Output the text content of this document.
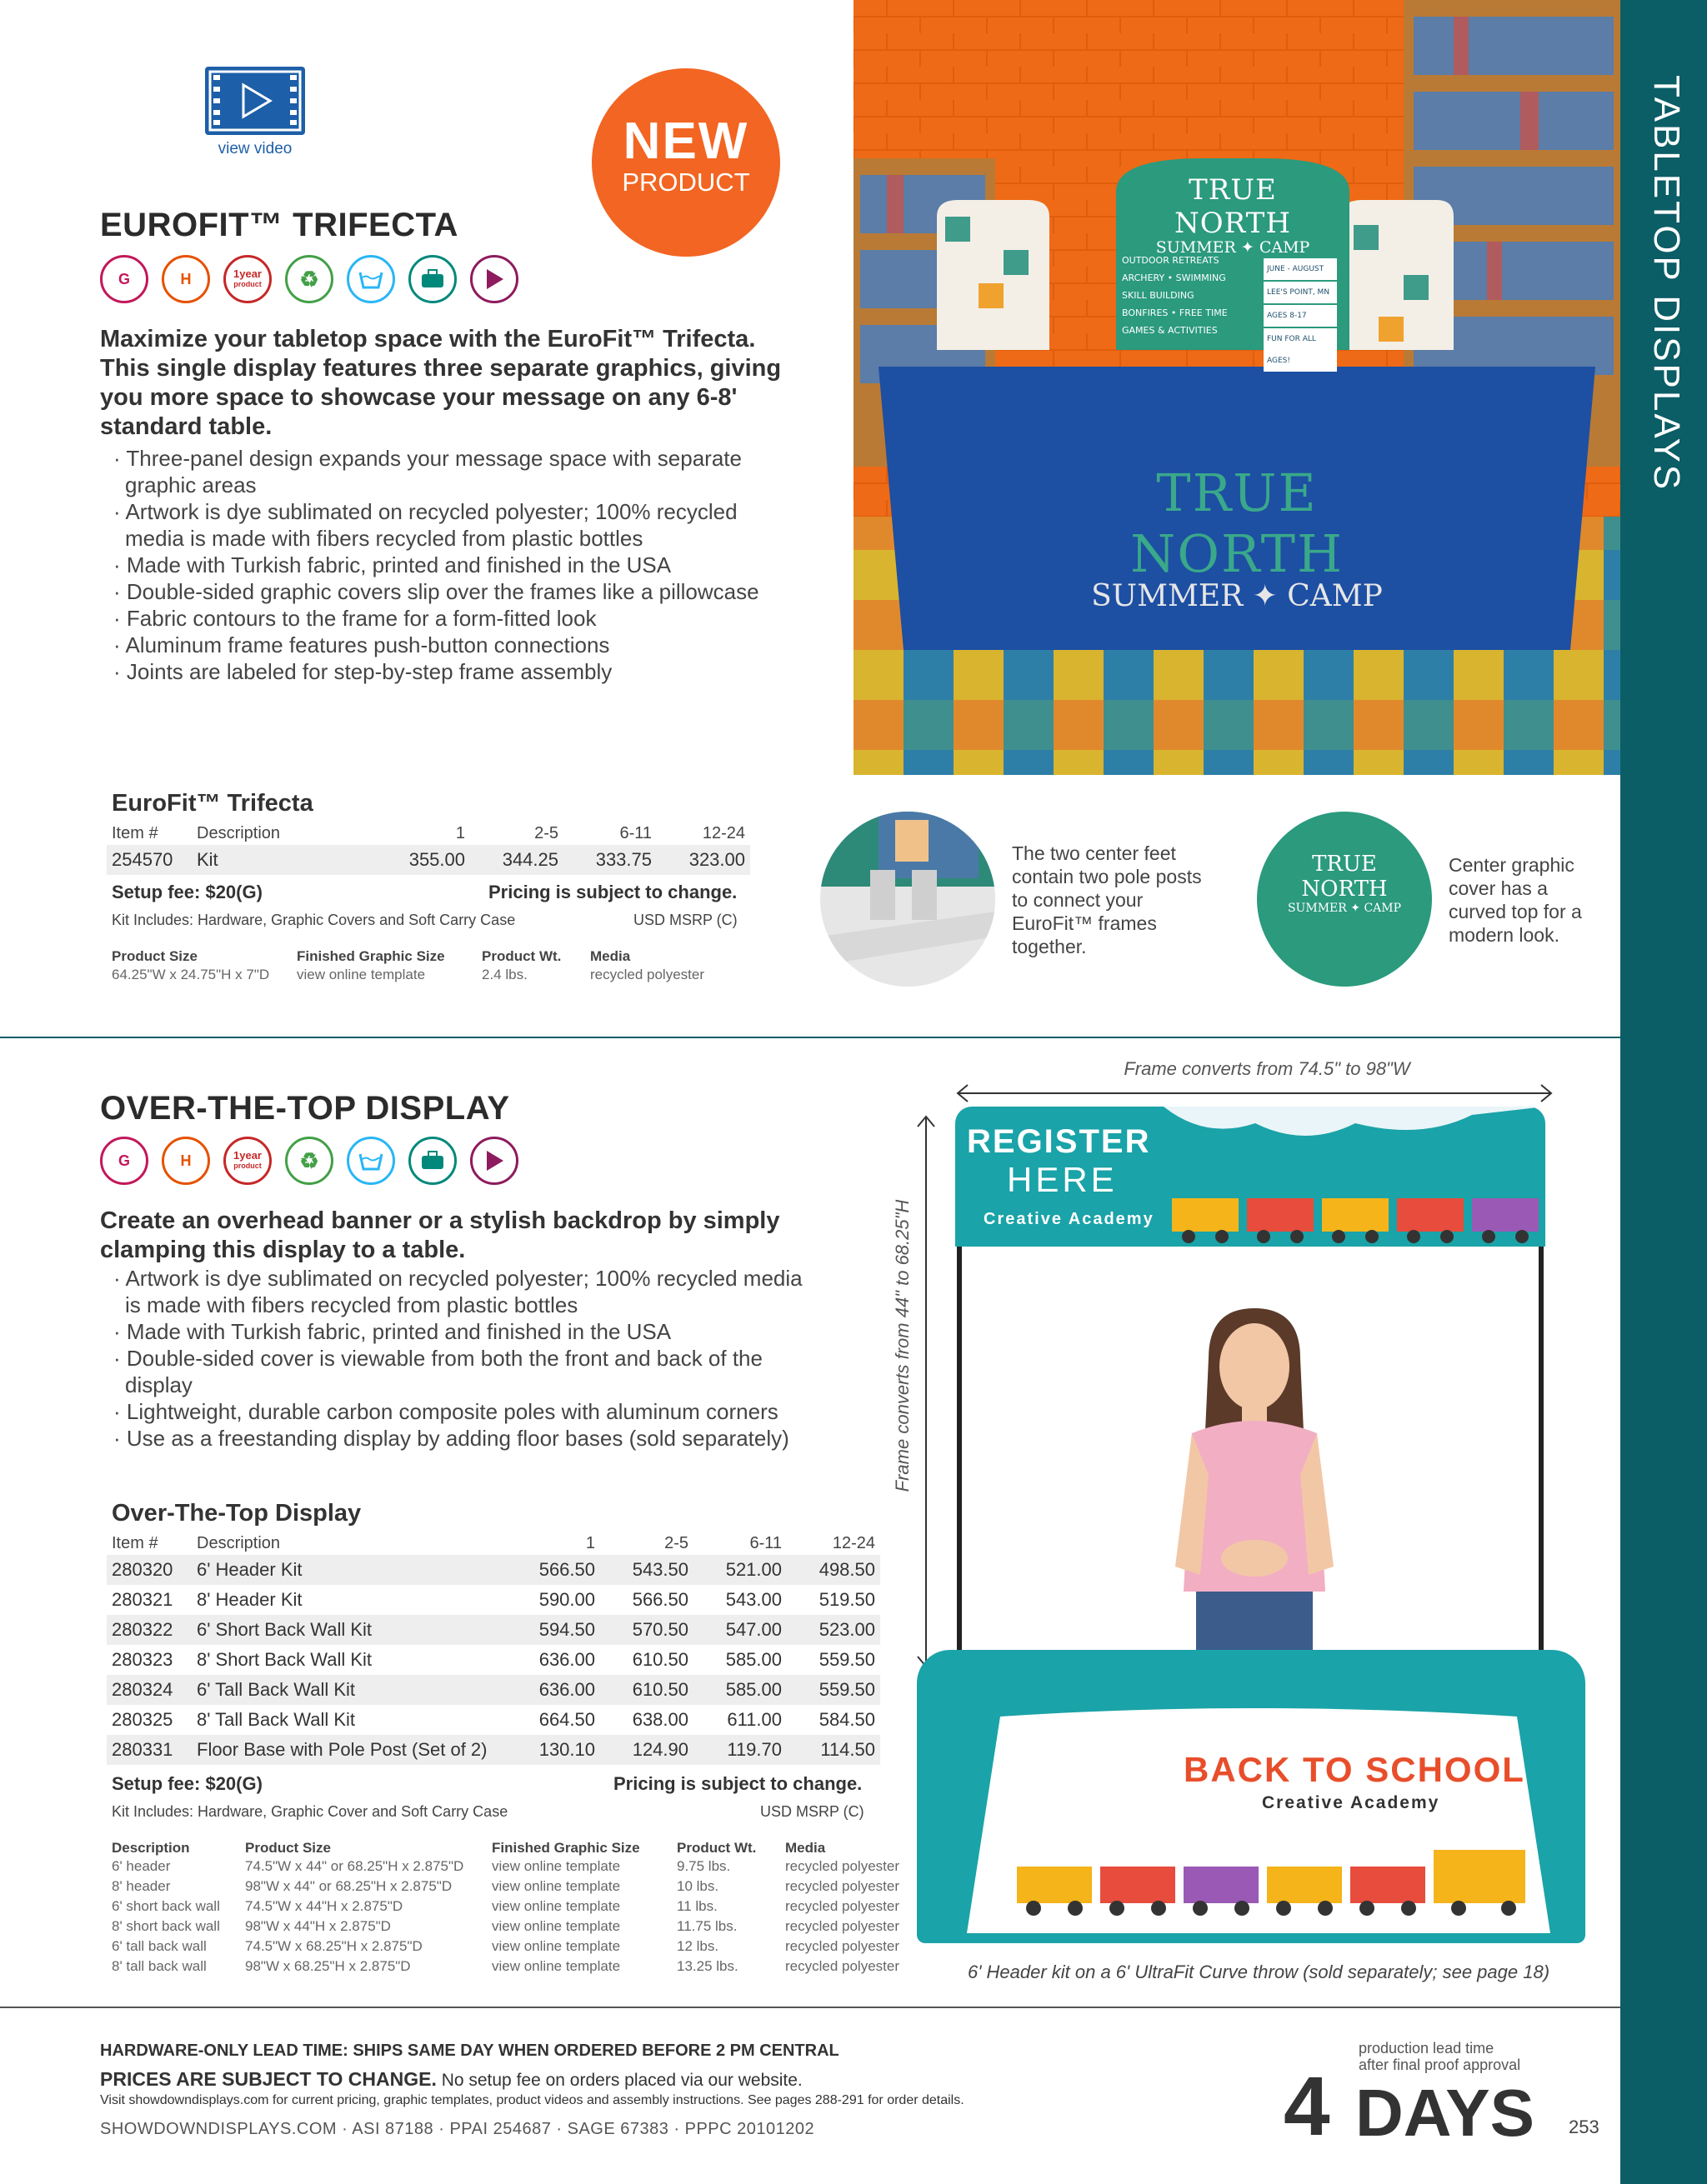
TABLETOP DISPLAYS
view video	NEW
PRODUCT
EUROFIT™ TRIFECTA
G	H	1year
product	♻
Maximize your tabletop space with the EuroFit™ Trifecta. This single display features three separate graphics, giving you more space to showcase your message on any 6-8' standard table.
· Three-panel design expands your message space with separate graphic areas
· Artwork is dye sublimated on recycled polyester; 100% recycled media is made with fibers recycled from plastic bottles
· Made with Turkish fabric, printed and finished in the USA
· Double-sided graphic covers slip over the frames like a pillowcase
· Fabric contours to the frame for a form-fitted look
· Aluminum frame features push-button connections
· Joints are labeled for step-by-step frame assembly
TRUE NORTH
SUMMER ✦ CAMP
OUTDOOR RETREATS
ARCHERY • SWIMMING
SKILL BUILDING
BONFIRES • FREE TIME
GAMES & ACTIVITIES
JUNE - AUGUST
LEE'S POINT, MN
AGES 8-17
FUN FOR ALL AGES!
TRUE NORTH
SUMMER ✦ CAMP
EuroFit™ Trifecta
Item #	Description	1	2-5	6-11	12-24
254570	Kit	355.00	344.25	333.75	323.00
Setup fee: $20(G)	Pricing is subject to change.
Kit Includes: Hardware, Graphic Covers and Soft Carry Case	USD MSRP (C)
Product Size	Finished Graphic Size	Product Wt.	Media
64.25"W x 24.75"H x 7"D	view online template	2.4 lbs.	recycled polyester
The two center feet contain two pole posts to connect your EuroFit™ frames together.
TRUE NORTH
SUMMER ✦ CAMP
Center graphic cover has a curved top for a modern look.
OVER-THE-TOP DISPLAY
G	H	1year
product	♻
Create an overhead banner or a stylish backdrop by simply clamping this display to a table.
· Artwork is dye sublimated on recycled polyester; 100% recycled media is made with fibers recycled from plastic bottles
· Made with Turkish fabric, printed and finished in the USA
· Double-sided cover is viewable from both the front and back of the display
· Lightweight, durable carbon composite poles with aluminum corners
· Use as a freestanding display by adding floor bases (sold separately)
Frame converts from 74.5" to 98"W
Frame converts from 44" to 68.25"H
REGISTER
HERE
Creative Academy
BACK TO SCHOOL
Creative Academy
6' Header kit on a 6' UltraFit Curve throw (sold separately; see page 18)
Over-The-Top Display
Item #	Description	1	2-5	6-11	12-24
280320	6' Header Kit	566.50	543.50	521.00	498.50
280321	8' Header Kit	590.00	566.50	543.00	519.50
280322	6' Short Back Wall Kit	594.50	570.50	547.00	523.00
280323	8' Short Back Wall Kit	636.00	610.50	585.00	559.50
280324	6' Tall Back Wall Kit	636.00	610.50	585.00	559.50
280325	8' Tall Back Wall Kit	664.50	638.00	611.00	584.50
280331	Floor Base with Pole Post (Set of 2)	130.10	124.90	119.70	114.50
Setup fee: $20(G)	Pricing is subject to change.
Kit Includes: Hardware, Graphic Cover and Soft Carry Case	USD MSRP (C)
Description	Product Size	Finished Graphic Size	Product Wt.	Media
6' header	74.5"W x 44" or 68.25"H x 2.875"D	view online template	9.75 lbs.	recycled polyester
8' header	98"W x 44" or 68.25"H x 2.875"D	view online template	10 lbs.	recycled polyester
6' short back wall	74.5"W x 44"H x 2.875"D	view online template	11 lbs.	recycled polyester
8' short back wall	98"W x 44"H x 2.875"D	view online template	11.75 lbs.	recycled polyester
6' tall back wall	74.5"W x 68.25"H x 2.875"D	view online template	12 lbs.	recycled polyester
8' tall back wall	98"W x 68.25"H x 2.875"D	view online template	13.25 lbs.	recycled polyester
HARDWARE-ONLY LEAD TIME: SHIPS SAME DAY WHEN ORDERED BEFORE 2 PM CENTRAL
PRICES ARE SUBJECT TO CHANGE. No setup fee on orders placed via our website.
Visit showdowndisplays.com for current pricing, graphic templates, product videos and assembly instructions. See pages 288-291 for order details.
SHOWDOWNDISPLAYS.COM · ASI 87188 · PPAI 254687 · SAGE 67383 · PPPC 20101202
production lead time
after final proof approval
4 DAYS 253
